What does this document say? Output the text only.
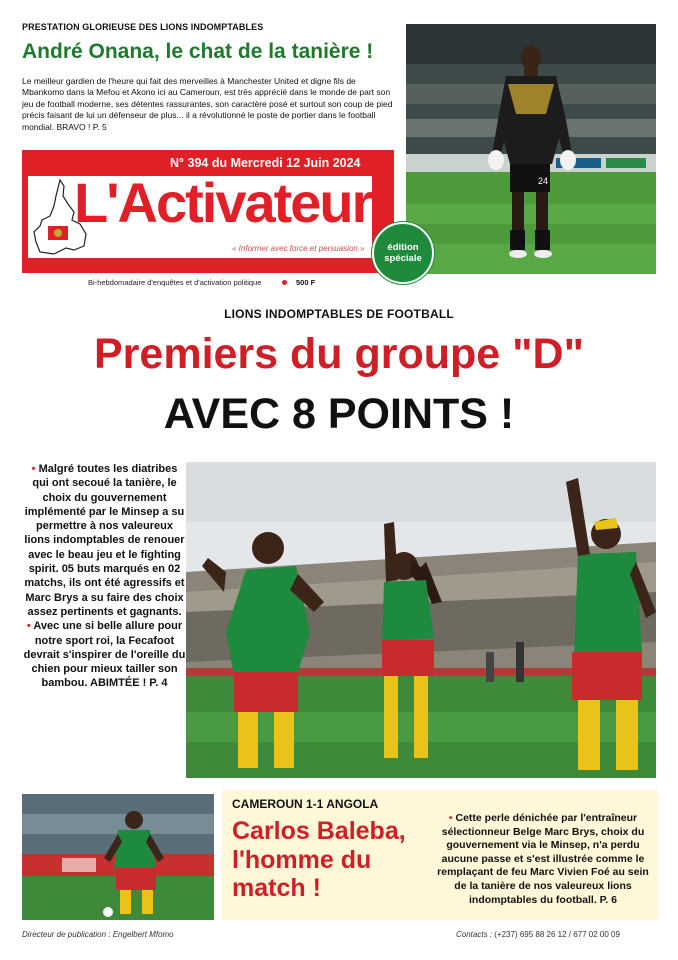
PRESTATION GLORIEUSE DES LIONS INDOMPTABLES
André Onana, le chat de la tanière !
Le meilleur gardien de l'heure qui fait des merveilles à Manchester United et digne fils de Mbankomo dans la Mefou et Akono ici au Cameroun, est très apprécié dans le monde de part son jeu de football moderne, ses détentes rassurantes, son caractère posé et surtout son coup de pied précis faisant de lui un défenseur de plus... il a révolutionné le poste de portier dans le football mondial. BRAVO ! P. 5
24
N° 394 du Mercredi 12 Juin 2024
L'Activateur
« Informer avec force et persuasion »
Bi-hebdomadaire d'enquêtes et d'activation politique	500 F
édition
spéciale
LIONS INDOMPTABLES DE FOOTBALL
Premiers du groupe "D"
AVEC 8 POINTS !
• Malgré toutes les diatribes qui ont secoué la tanière, le choix du gouvernement implémenté par le Minsep a su permettre à nos valeureux lions indomptables de renouer avec le beau jeu et le fighting spirit. 05 buts marqués en 02 matchs, ils ont été agressifs et Marc Brys a su faire des choix assez pertinents et gagnants.
• Avec une si belle allure pour notre sport roi, la Fecafoot devrait s'inspirer de l'oreille du chien pour mieux tailler son bambou. ABIMTÉE ! P. 4
CAMEROUN 1-1 ANGOLA
Carlos Baleba, l'homme du match !
• Cette perle dénichée par l'entraîneur sélectionneur Belge Marc Brys, choix du gouvernement via le Minsep, n'a perdu aucune passe et s'est illustrée comme le remplaçant de feu Marc Vivien Foé au sein de la tanière de nos valeureux lions indomptables du football. P. 6
Directeur de publication : Engelbert Mfomo	Contacts : (+237) 695 88 26 12 / 677 02 00 09
